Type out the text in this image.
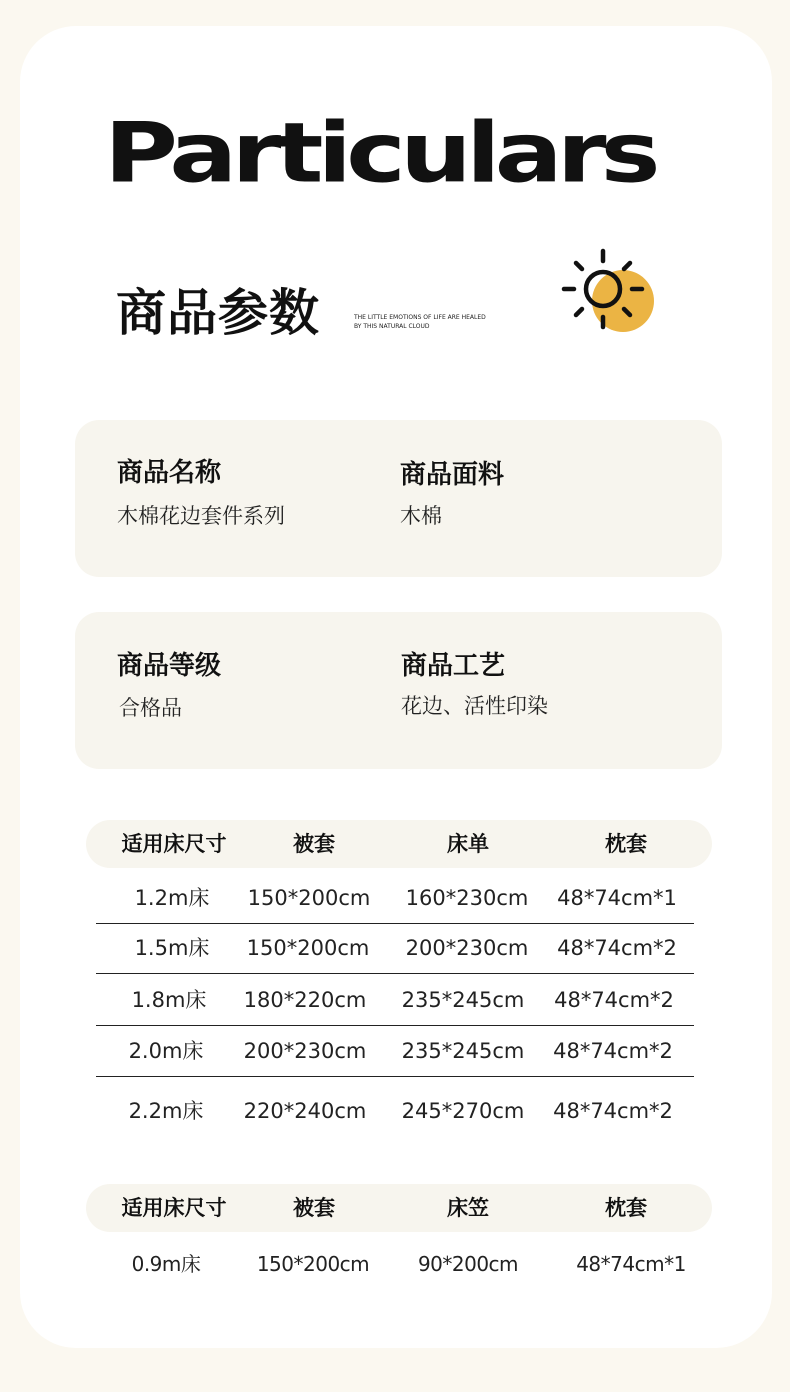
Particulars
商品参数	THE LITTLE EMOTIONS OF LIFE ARE HEALED
BY THIS NATURAL CLOUD
商品名称
木棉花边套件系列
商品面料
木棉
商品等级
合格品
商品工艺
花边、活性印染
适用床尺寸	被套	床单	枕套
1.2m床	150*200cm	160*230cm	48*74cm*1
1.5m床	150*200cm	200*230cm	48*74cm*2
1.8m床	180*220cm	235*245cm	48*74cm*2
2.0m床	200*230cm	235*245cm	48*74cm*2
2.2m床	220*240cm	245*270cm	48*74cm*2
适用床尺寸	被套	床笠	枕套
0.9m床	150*200cm	90*200cm	48*74cm*1
